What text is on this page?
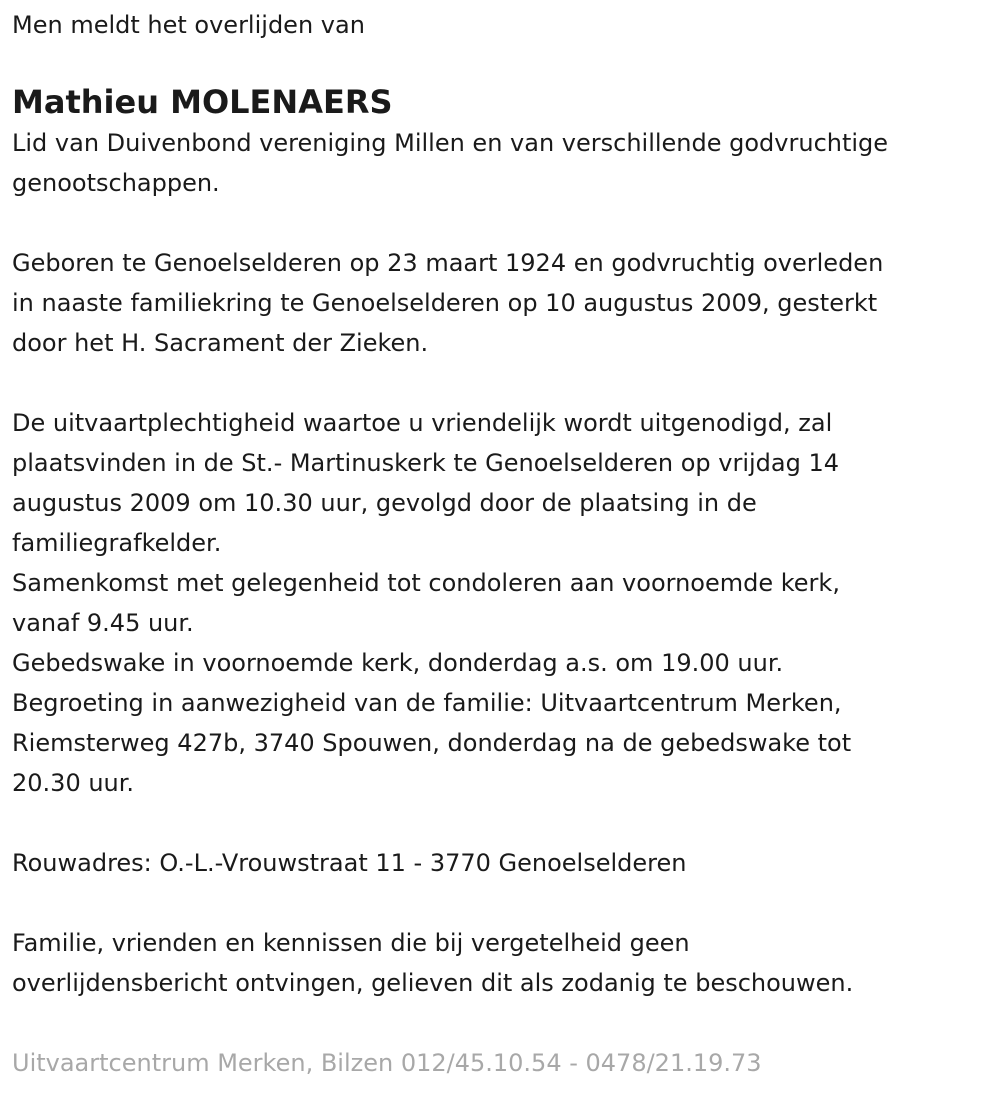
Men meldt het overlijden van
Mathieu MOLENAERS
Lid van Duivenbond vereniging Millen en van verschillende godvruchtige
genootschappen.
Geboren te Genoelselderen op 23 maart 1924 en godvruchtig overleden
in naaste familiekring te Genoelselderen op 10 augustus 2009, gesterkt
door het H. Sacrament der Zieken.
De uitvaartplechtigheid waartoe u vriendelijk wordt uitgenodigd, zal
plaatsvinden in de St.- Martinuskerk te Genoelselderen op vrijdag 14
augustus 2009 om 10.30 uur, gevolgd door de plaatsing in de
familiegrafkelder.
Samenkomst met gelegenheid tot condoleren aan voornoemde kerk,
vanaf 9.45 uur.
Gebedswake in voornoemde kerk, donderdag a.s. om 19.00 uur.
Begroeting in aanwezigheid van de familie: Uitvaartcentrum Merken,
Riemsterweg 427b, 3740 Spouwen, donderdag na de gebedswake tot
20.30 uur.
Rouwadres: O.-L.-Vrouwstraat 11 - 3770 Genoelselderen
Familie, vrienden en kennissen die bij vergetelheid geen
overlijdensbericht ontvingen, gelieven dit als zodanig te beschouwen.
Uitvaartcentrum Merken, Bilzen 012/45.10.54 - 0478/21.19.73
